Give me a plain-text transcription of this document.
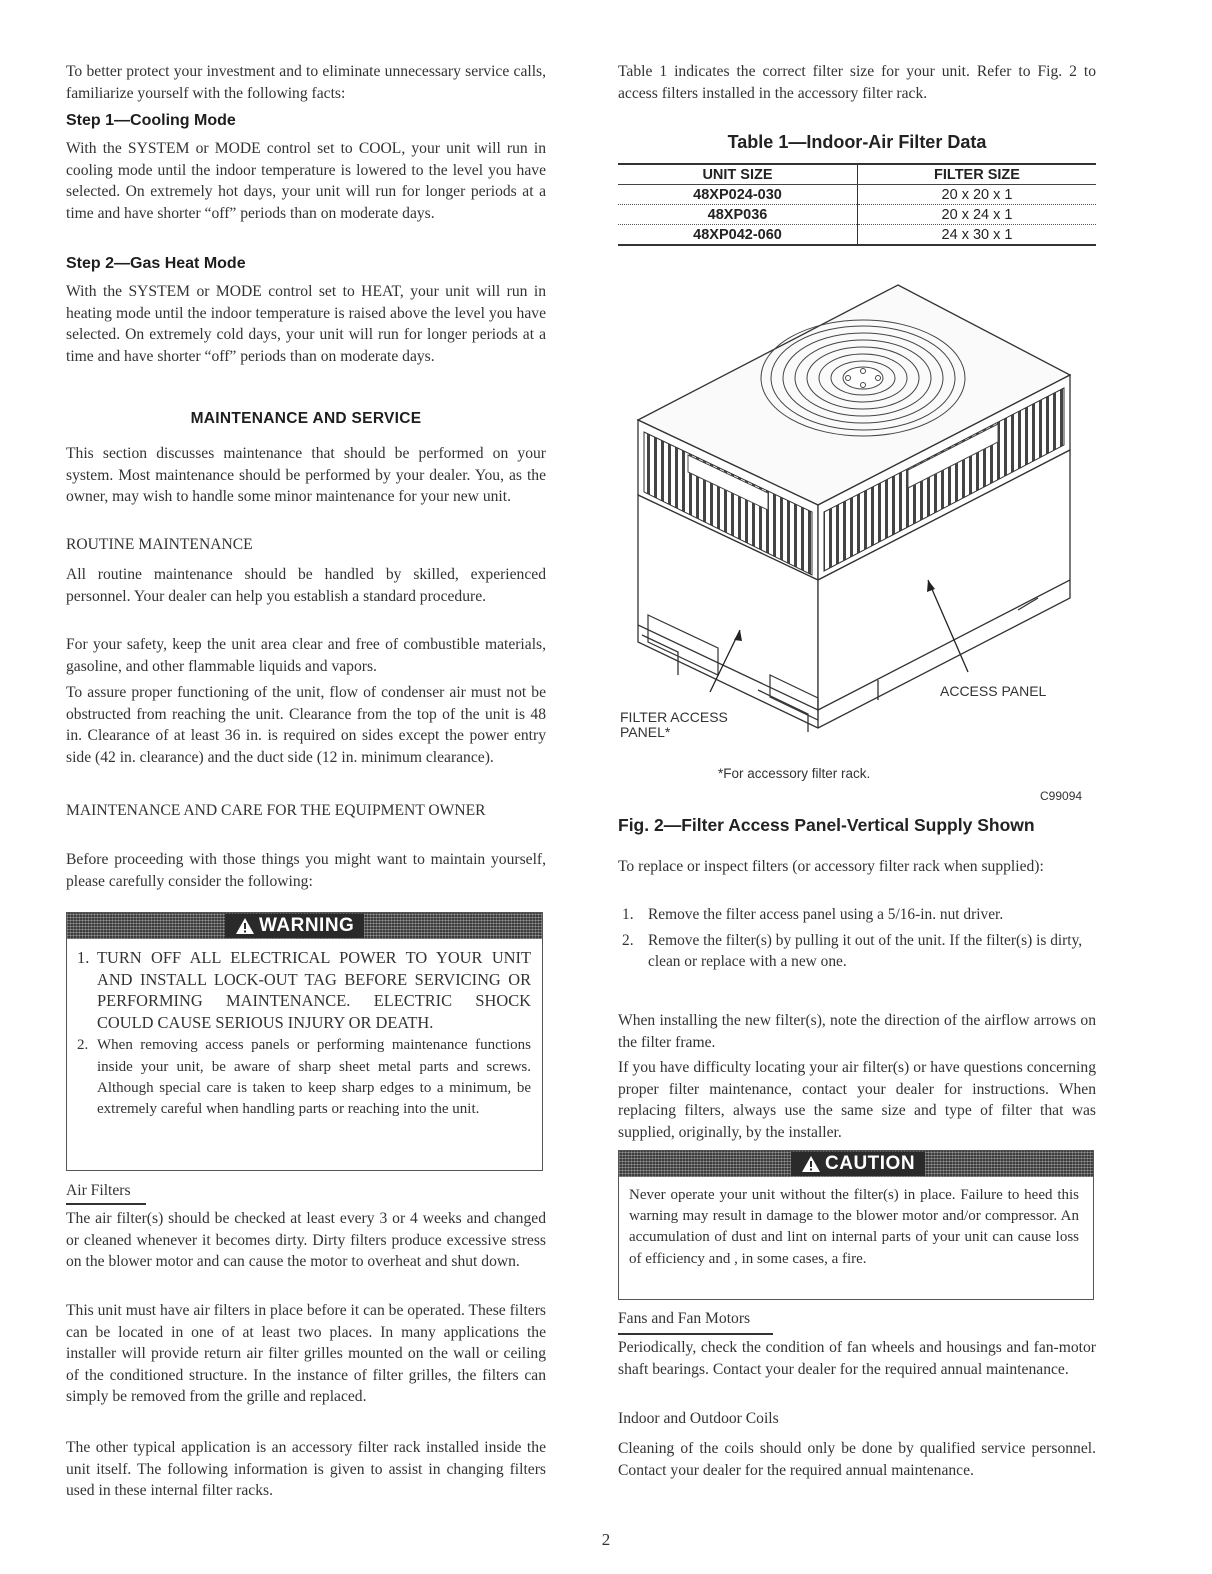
To better protect your investment and to eliminate unnecessary service calls, familiarize yourself with the following facts:
Step 1—Cooling Mode
With the SYSTEM or MODE control set to COOL, your unit will run in cooling mode until the indoor temperature is lowered to the level you have selected. On extremely hot days, your unit will run for longer periods at a time and have shorter “off” periods than on moderate days.
Step 2—Gas Heat Mode
With the SYSTEM or MODE control set to HEAT, your unit will run in heating mode until the indoor temperature is raised above the level you have selected. On extremely cold days, your unit will run for longer periods at a time and have shorter “off” periods than on moderate days.
MAINTENANCE AND SERVICE
This section discusses maintenance that should be performed on your system. Most maintenance should be performed by your dealer. You, as the owner, may wish to handle some minor maintenance for your new unit.
ROUTINE MAINTENANCE
All routine maintenance should be handled by skilled, experienced personnel. Your dealer can help you establish a standard procedure.
For your safety, keep the unit area clear and free of combustible materials, gasoline, and other flammable liquids and vapors.
To assure proper functioning of the unit, flow of condenser air must not be obstructed from reaching the unit. Clearance from the top of the unit is 48 in. Clearance of at least 36 in. is required on sides except the power entry side (42 in. clearance) and the duct side (12 in. minimum clearance).
MAINTENANCE AND CARE FOR THE EQUIPMENT OWNER
Before proceeding with those things you might want to maintain yourself, please carefully consider the following:
WARNING
1. TURN OFF ALL ELECTRICAL POWER TO YOUR UNIT AND INSTALL LOCK-OUT TAG BEFORE SERVICING OR PERFORMING MAINTENANCE. ELECTRIC SHOCK COULD CAUSE SERIOUS INJURY OR DEATH.
2. When removing access panels or performing maintenance functions inside your unit, be aware of sharp sheet metal parts and screws. Although special care is taken to keep sharp edges to a minimum, be extremely careful when handling parts or reaching into the unit.
Air Filters
The air filter(s) should be checked at least every 3 or 4 weeks and changed or cleaned whenever it becomes dirty. Dirty filters produce excessive stress on the blower motor and can cause the motor to overheat and shut down.
This unit must have air filters in place before it can be operated. These filters can be located in one of at least two places. In many applications the installer will provide return air filter grilles mounted on the wall or ceiling of the conditioned structure. In the instance of filter grilles, the filters can simply be removed from the grille and replaced.
The other typical application is an accessory filter rack installed inside the unit itself. The following information is given to assist in changing filters used in these internal filter racks.
Table 1 indicates the correct filter size for your unit. Refer to Fig. 2 to access filters installed in the accessory filter rack.
Table 1—Indoor-Air Filter Data
UNIT SIZE	FILTER SIZE
48XP024-030	20 x 20 x 1
48XP036	20 x 24 x 1
48XP042-060	24 x 30 x 1
ACCESS PANEL
FILTER ACCESS
PANEL*
*For accessory filter rack.
C99094
Fig. 2—Filter Access Panel-Vertical Supply Shown
To replace or inspect filters (or accessory filter rack when supplied):
1. Remove the filter access panel using a 5/16-in. nut driver.
2. Remove the filter(s) by pulling it out of the unit. If the filter(s) is dirty, clean or replace with a new one.
When installing the new filter(s), note the direction of the airflow arrows on the filter frame.
If you have difficulty locating your air filter(s) or have questions concerning proper filter maintenance, contact your dealer for instructions. When replacing filters, always use the same size and type of filter that was supplied, originally, by the installer.
CAUTION
Never operate your unit without the filter(s) in place. Failure to heed this warning may result in damage to the blower motor and/or compressor. An accumulation of dust and lint on internal parts of your unit can cause loss of efficiency and , in some cases, a fire.
Fans and Fan Motors
Periodically, check the condition of fan wheels and housings and fan-motor shaft bearings. Contact your dealer for the required annual maintenance.
Indoor and Outdoor Coils
Cleaning of the coils should only be done by qualified service personnel. Contact your dealer for the required annual maintenance.
2
